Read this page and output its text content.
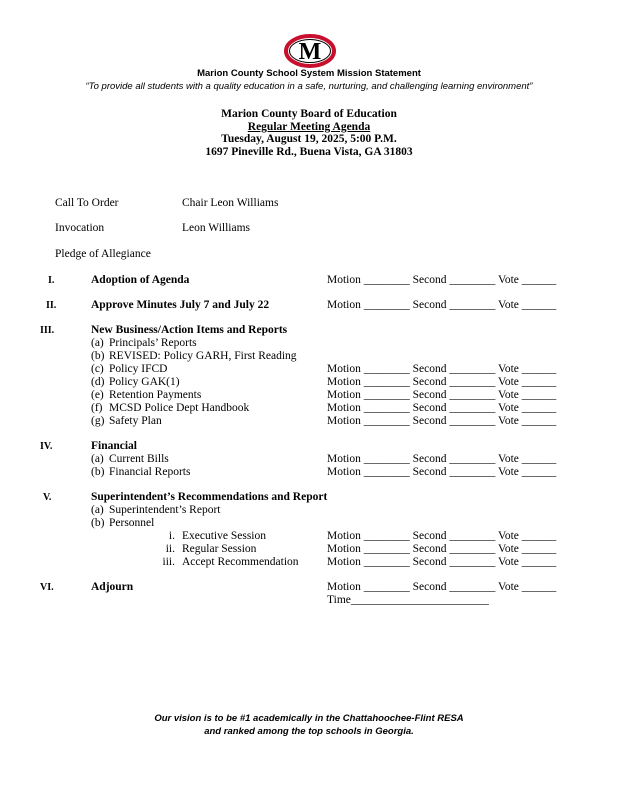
M
Marion County School System Mission Statement
“To provide all students with a quality education in a safe, nurturing, and challenging learning environment”
Marion County Board of Education
Regular Meeting Agenda
Tuesday, August 19, 2025, 5:00 P.M.
1697 Pineville Rd., Buena Vista, GA 31803
Call To Order	Chair Leon Williams
Invocation	Leon Williams
Pledge of Allegiance
I.	Adoption of Agenda	Motion ________ Second ________ Vote ______
II.	Approve Minutes July 7 and July 22	Motion ________ Second ________ Vote ______
III.	New Business/Action Items and Reports
(a) Principals’ Reports
(b) REVISED: Policy GARH, First Reading
(c) Policy IFCD	Motion ________ Second ________ Vote ______
(d) Policy GAK(1)	Motion ________ Second ________ Vote ______
(e) Retention Payments	Motion ________ Second ________ Vote ______
(f) MCSD Police Dept Handbook	Motion ________ Second ________ Vote ______
(g) Safety Plan	Motion ________ Second ________ Vote ______
IV.	Financial
(a) Current Bills	Motion ________ Second ________ Vote ______
(b) Financial Reports	Motion ________ Second ________ Vote ______
V.	Superintendent’s Recommendations and Report
(a) Superintendent’s Report
(b) Personnel
i. Executive Session	Motion ________ Second ________ Vote ______
ii. Regular Session	Motion ________ Second ________ Vote ______
iii. Accept Recommendation Motion ________ Second ________ Vote ______
VI.	Adjourn	Motion ________ Second ________ Vote ______
Time________________________
Our vision is to be #1 academically in the Chattahoochee-Flint RESA
and ranked among the top schools in Georgia.
